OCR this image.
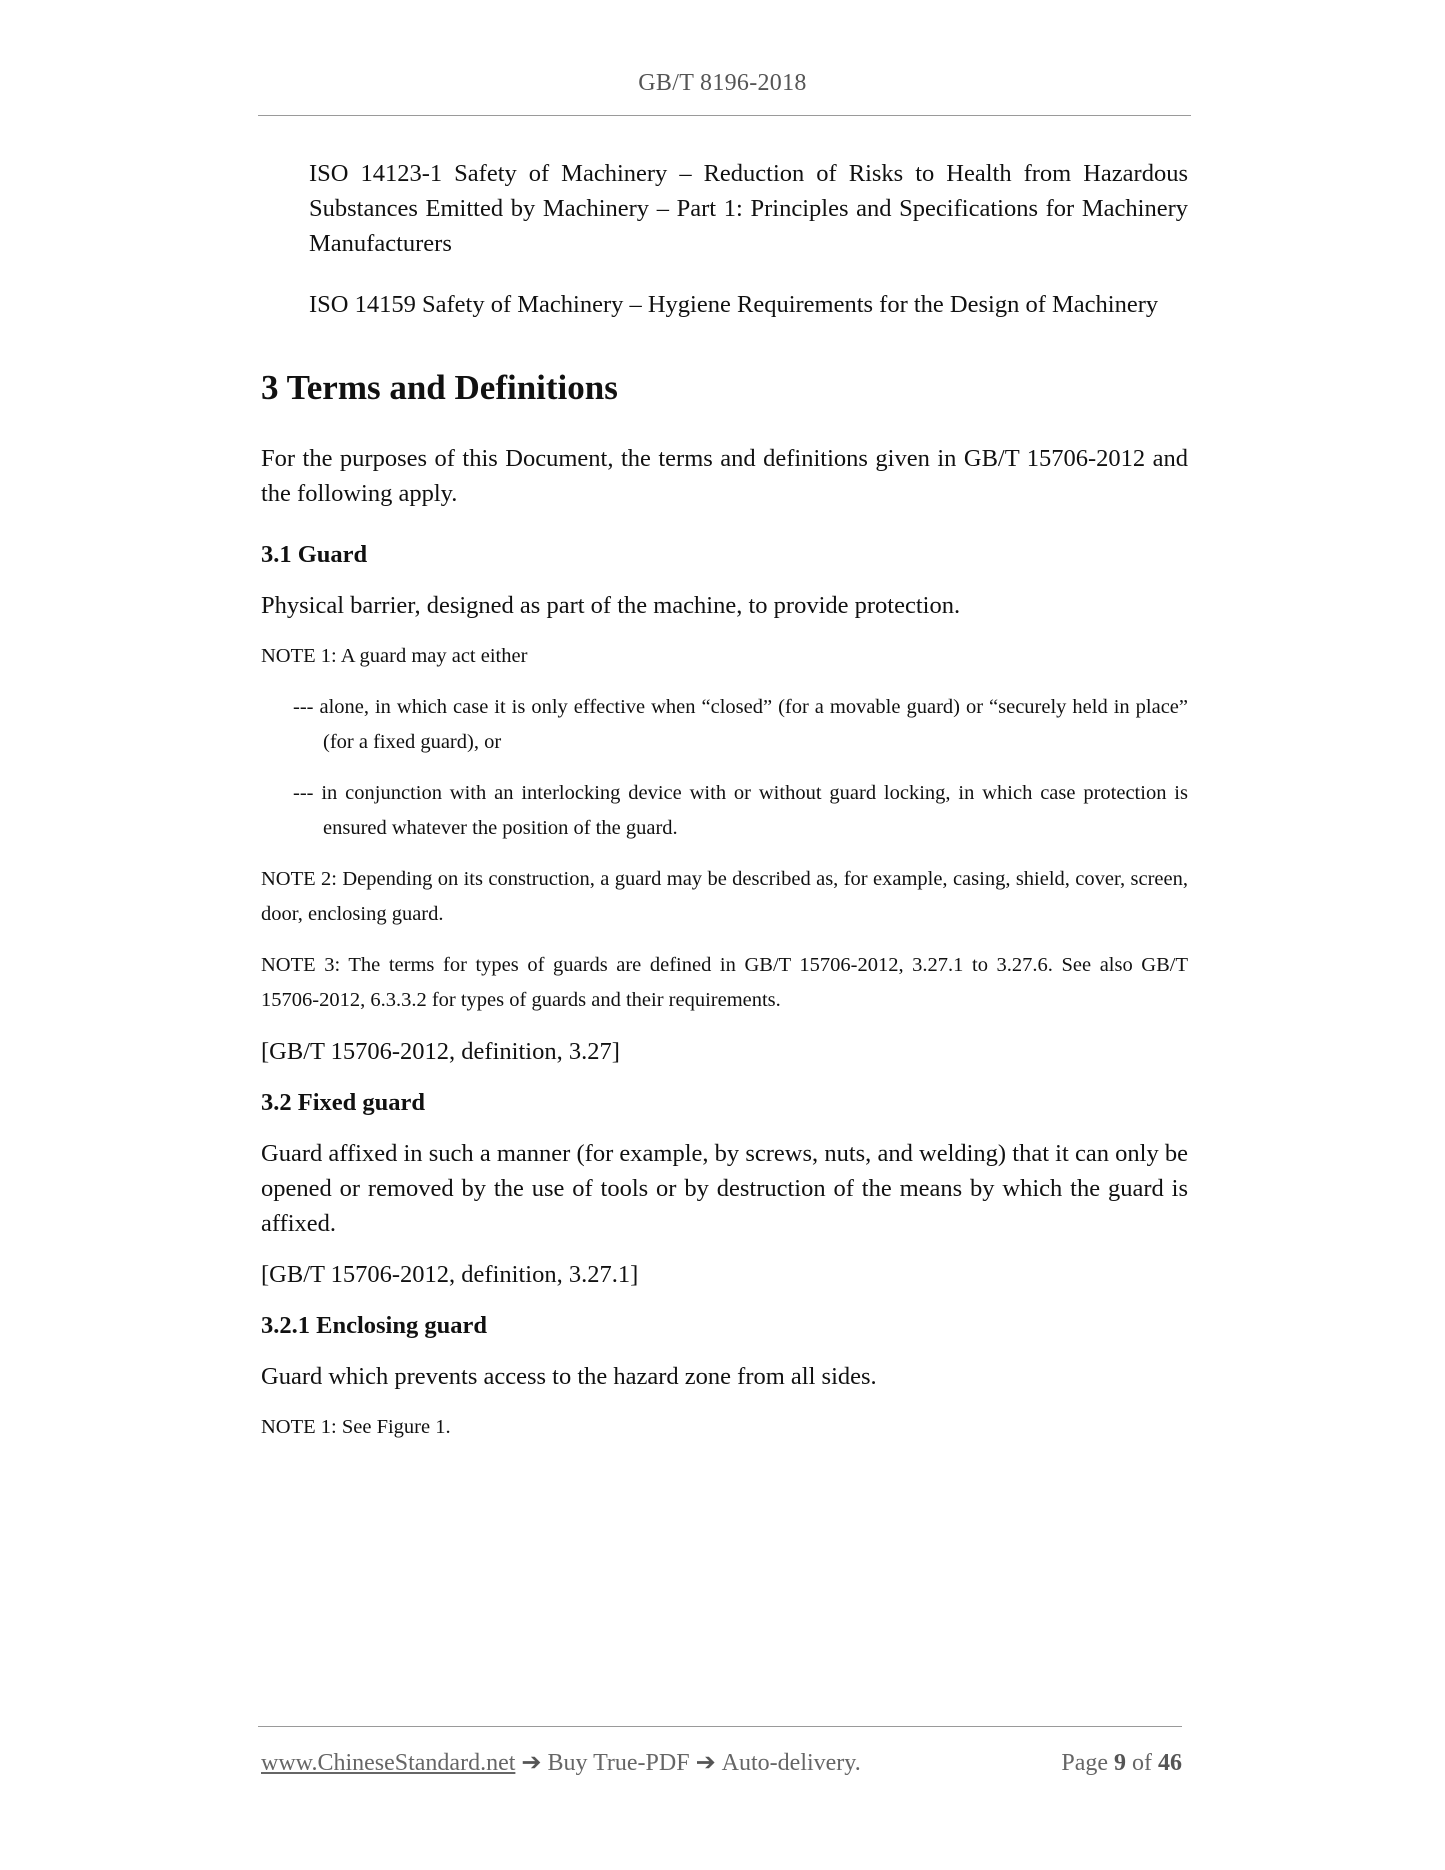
GB/T 8196-2018

ISO 14123-1 Safety of Machinery – Reduction of Risks to Health from Hazardous Substances Emitted by Machinery – Part 1: Principles and Specifications for Machinery Manufacturers

ISO 14159 Safety of Machinery – Hygiene Requirements for the Design of Machinery

3 Terms and Definitions

For the purposes of this Document, the terms and definitions given in GB/T 15706-2012 and the following apply.

3.1 Guard

Physical barrier, designed as part of the machine, to provide protection.

NOTE 1: A guard may act either

--- alone, in which case it is only effective when “closed” (for a movable guard) or “securely held in place” (for a fixed guard), or

--- in conjunction with an interlocking device with or without guard locking, in which case protection is ensured whatever the position of the guard.

NOTE 2: Depending on its construction, a guard may be described as, for example, casing, shield, cover, screen, door, enclosing guard.

NOTE 3: The terms for types of guards are defined in GB/T 15706-2012, 3.27.1 to 3.27.6. See also GB/T 15706-2012, 6.3.3.2 for types of guards and their requirements.

[GB/T 15706-2012, definition, 3.27]

3.2 Fixed guard

Guard affixed in such a manner (for example, by screws, nuts, and welding) that it can only be opened or removed by the use of tools or by destruction of the means by which the guard is affixed.

[GB/T 15706-2012, definition, 3.27.1]

3.2.1 Enclosing guard

Guard which prevents access to the hazard zone from all sides.

NOTE 1: See Figure 1.

www.ChineseStandard.net ➔ Buy True-PDF ➔ Auto-delivery.	Page 9 of 46
